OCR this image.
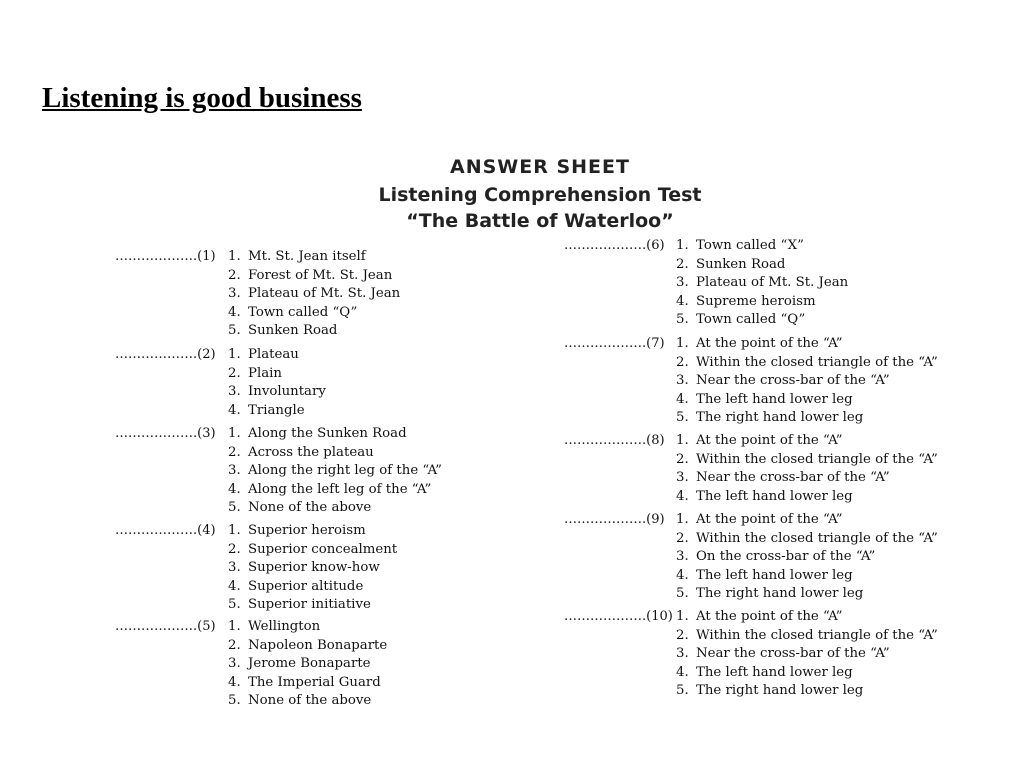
Listening is good business
ANSWER SHEET
Listening Comprehension Test
“The Battle of Waterloo”
……………….(1) 1. Mt. St. Jean itself
2. Forest of Mt. St. Jean
3. Plateau of Mt. St. Jean
4. Town called “Q”
5. Sunken Road
……………….(2) 1. Plateau
2. Plain
3. Involuntary
4. Triangle
……………….(3) 1. Along the Sunken Road
2. Across the plateau
3. Along the right leg of the “A”
4. Along the left leg of the “A”
5. None of the above
……………….(4) 1. Superior heroism
2. Superior concealment
3. Superior know-how
4. Superior altitude
5. Superior initiative
……………….(5) 1. Wellington
2. Napoleon Bonaparte
3. Jerome Bonaparte
4. The Imperial Guard
5. None of the above
……………….(6) 1. Town called “X”
2. Sunken Road
3. Plateau of Mt. St. Jean
4. Supreme heroism
5. Town called “Q”
……………….(7) 1. At the point of the “A”
2. Within the closed triangle of the “A”
3. Near the cross-bar of the “A”
4. The left hand lower leg
5. The right hand lower leg
……………….(8) 1. At the point of the “A”
2. Within the closed triangle of the “A”
3. Near the cross-bar of the “A”
4. The left hand lower leg
……………….(9) 1. At the point of the “A”
2. Within the closed triangle of the “A”
3. On the cross-bar of the “A”
4. The left hand lower leg
5. The right hand lower leg
……………….(10) 1. At the point of the “A”
2. Within the closed triangle of the “A”
3. Near the cross-bar of the “A”
4. The left hand lower leg
5. The right hand lower leg
